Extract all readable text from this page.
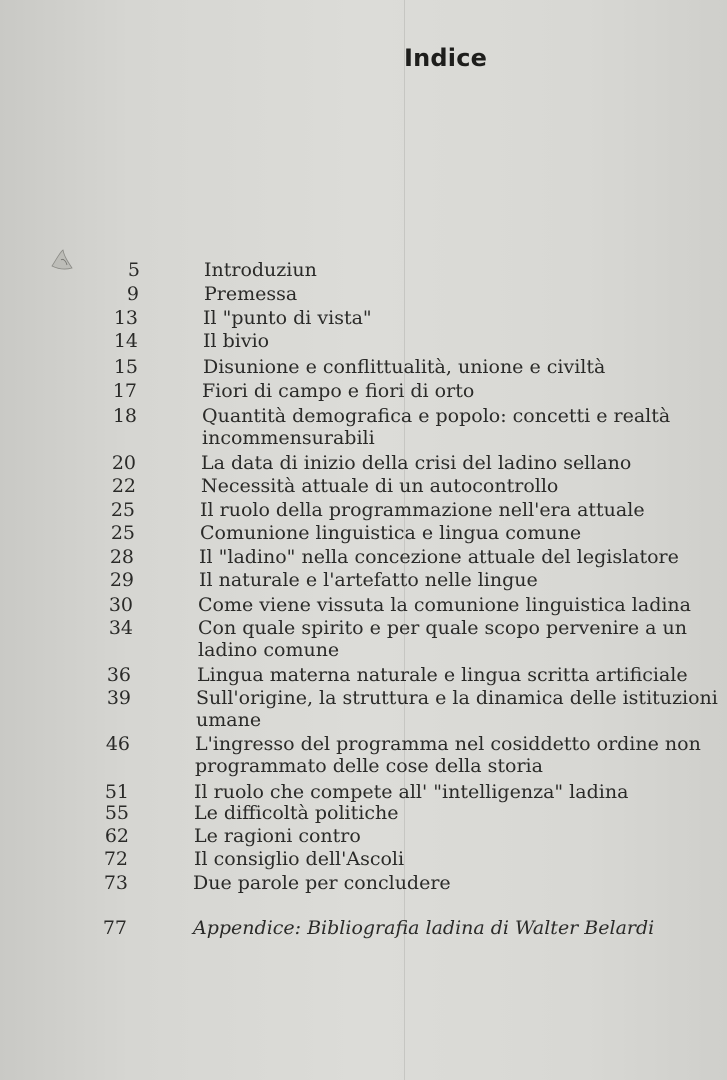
Indice
5	Introduziun
9	Premessa
13	Il "punto di vista"
14	Il bivio
15	Disunione e conflittualità, unione e civiltà
17	Fiori di campo e fiori di orto
18	Quantità demografica e popolo: concetti e realtà
incommensurabili
20	La data di inizio della crisi del ladino sellano
22	Necessità attuale di un autocontrollo
25	Il ruolo della programmazione nell'era attuale
25	Comunione linguistica e lingua comune
28	Il "ladino" nella concezione attuale del legislatore
29	Il naturale e l'artefatto nelle lingue
30	Come viene vissuta la comunione linguistica ladina
34	Con quale spirito e per quale scopo pervenire a un
ladino comune
36	Lingua materna naturale e lingua scritta artificiale
39	Sull'origine, la struttura e la dinamica delle istituzioni
umane
46	L'ingresso del programma nel cosiddetto ordine non
programmato delle cose della storia
51	Il ruolo che compete all' "intelligenza" ladina
55	Le difficoltà politiche
62	Le ragioni contro
72	Il consiglio dell'Ascoli
73	Due parole per concludere
77	Appendice: Bibliografia ladina di Walter Belardi
